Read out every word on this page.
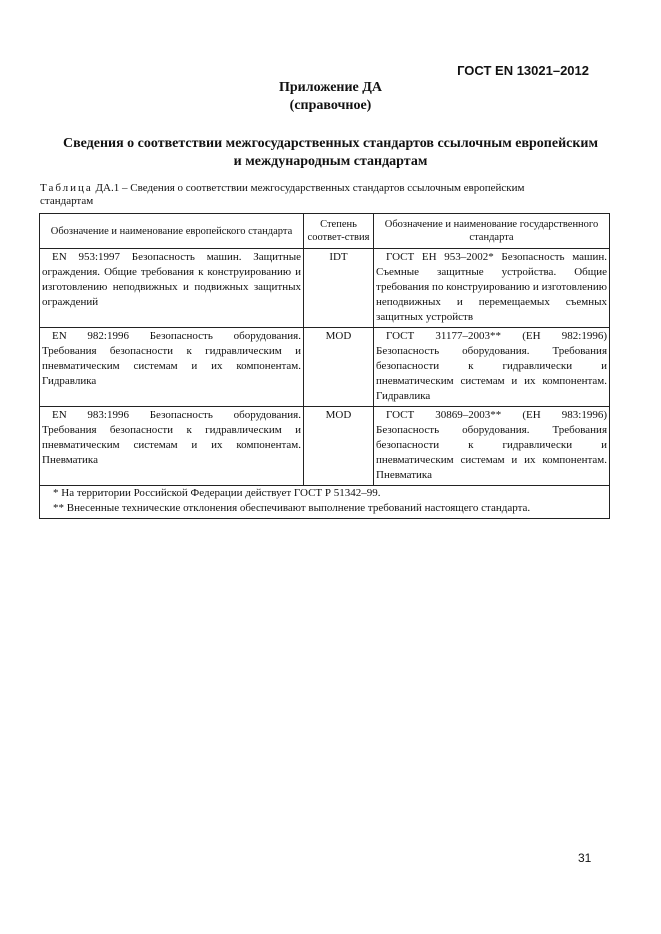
ГОСТ EN 13021–2012
Приложение ДА
(справочное)
Сведения о соответствии межгосударственных стандартов ссылочным европейским и международным стандартам
Таблица ДА.1 – Сведения о соответствии межгосударственных стандартов ссылочным европейским стандартам
Обозначение и наименование европейского стандарта	Степень соответ-ствия	Обозначение и наименование государственного стандарта
EN 953:1997 Безопасность машин. Защитные ограждения. Общие требования к конструированию и изготовлению неподвижных и подвижных защитных ограждений	IDT	ГОСТ ЕН 953–2002* Безопасность машин. Съемные защитные устройства. Общие требования по конструированию и изготовлению неподвижных и перемещаемых съемных защитных устройств
EN 982:1996 Безопасность оборудования. Требования безопасности к гидравлическим и пневматическим системам и их компонентам. Гидравлика	MOD	ГОСТ 31177–2003** (ЕН 982:1996) Безопасность оборудования. Требования безопасности к гидравлически и пневматическим системам и их компонентам. Гидравлика
EN 983:1996 Безопасность оборудования. Требования безопасности к гидравлическим и пневматическим системам и их компонентам. Пневматика	MOD	ГОСТ 30869–2003** (ЕН 983:1996) Безопасность оборудования. Требования безопасности к гидравлически и пневматическим системам и их компонентам. Пневматика

* На территории Российской Федерации действует ГОСТ Р 51342–99.
** Внесенные технические отклонения обеспечивают выполнение требований настоящего стандарта.		
31
